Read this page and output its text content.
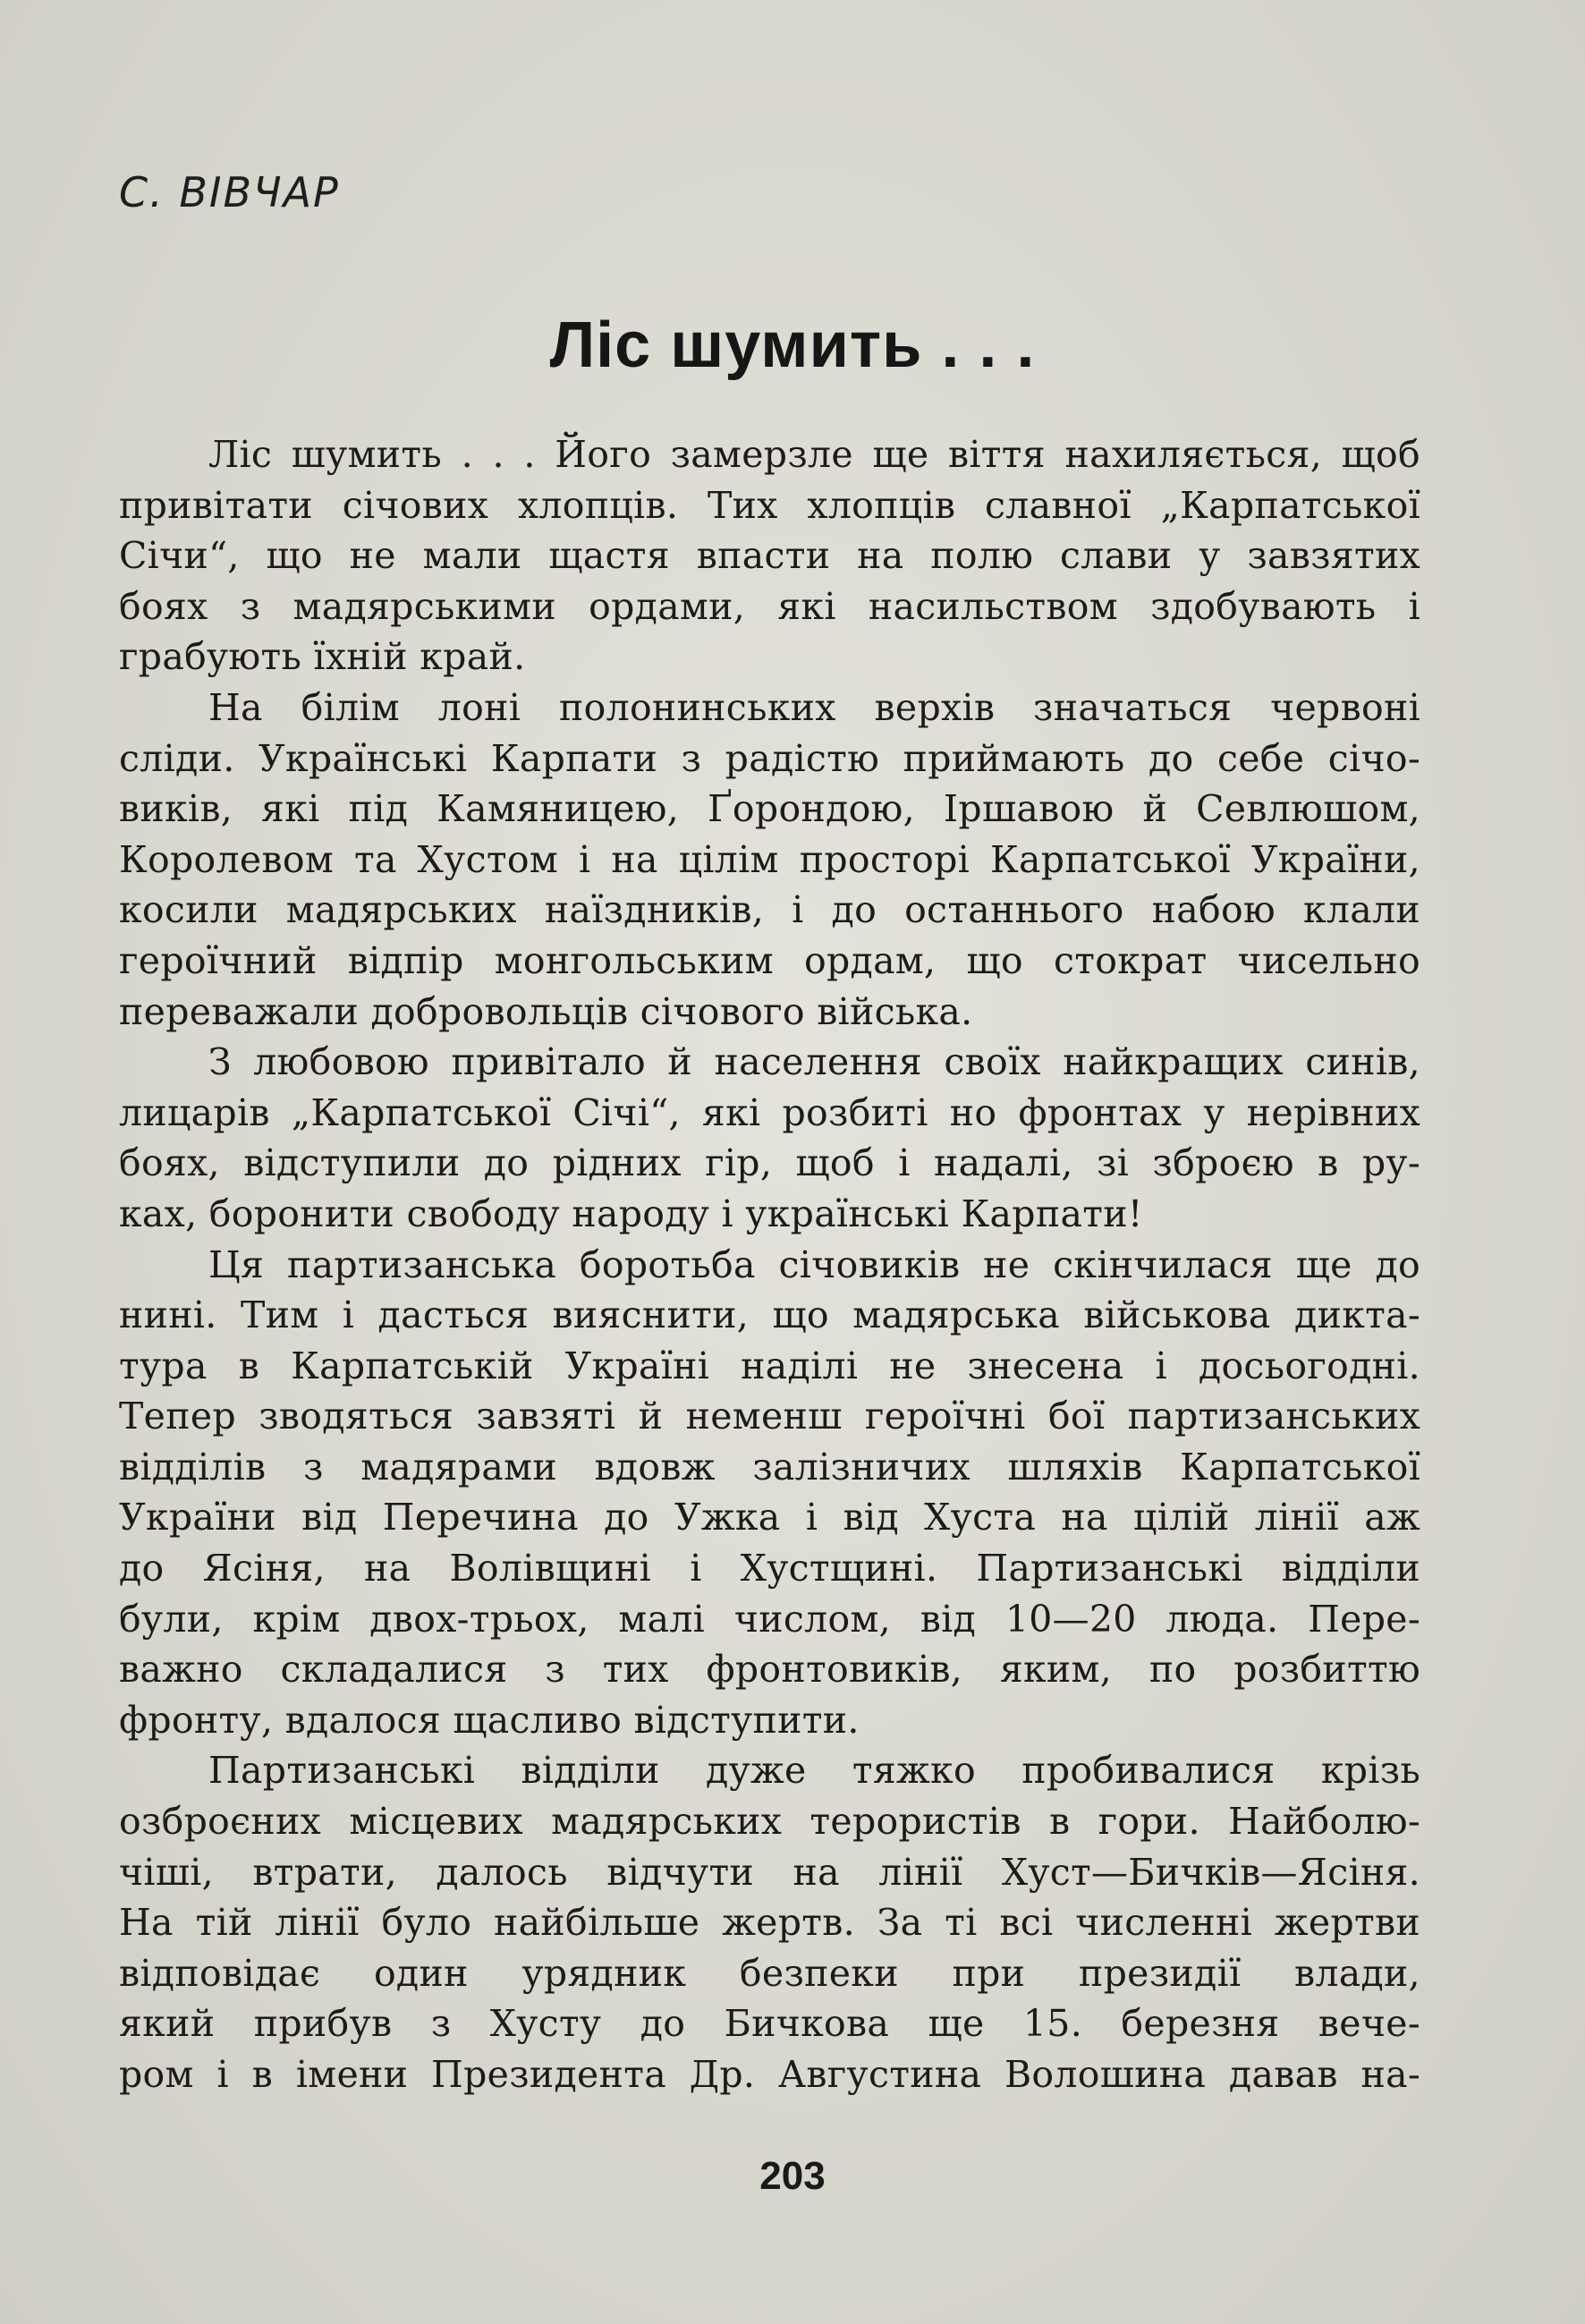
С. ВІВЧАР
Ліс шумить . . .
Ліс шумить . . . Його замерзле ще віття нахиляється, щоб
привітати січових хлопців. Тих хлопців славної „Карпатської
Січи“, що не мали щастя впасти на полю слави у завзятих
боях з мадярськими ордами, які насильством здобувають і
грабують їхній край.
На білім лоні полонинських верхів значаться червоні
сліди. Українські Карпати з радістю приймають до себе січо-
виків, які під Камяницею, Ґорондою, Іршавою й Севлюшом,
Королевом та Хустом і на цілім просторі Карпатської України,
косили мадярських наїздників, і до останнього набою клали
героїчний відпір монгольським ордам, що стократ чисельно
переважали добровольців січового війська.
З любовою привітало й населення своїх найкращих синів,
лицарів „Карпатської Січі“, які розбиті но фронтах у нерівних
боях, відступили до рідних гір, щоб і надалі, зі зброєю в ру-
ках, боронити свободу народу і українські Карпати!
Ця партизанська боротьба січовиків не скінчилася ще до
нині. Тим і дасться вияснити, що мадярська військова дикта-
тура в Карпатській Україні наділі не знесена і досьогодні.
Тепер зводяться завзяті й неменш героїчні бої партизанських
відділів з мадярами вдовж залізничих шляхів Карпатської
України від Перечина до Ужка і від Хуста на цілій лінії аж
до Ясіня, на Волівщині і Хустщині. Партизанські відділи
були, крім двох-трьох, малі числом, від 10—20 люда. Пере-
важно складалися з тих фронтовиків, яким, по розбиттю
фронту, вдалося щасливо відступити.
Партизанські відділи дуже тяжко пробивалися крізь
озброєних місцевих мадярських терористів в гори. Найболю-
чіші, втрати, далось відчути на лінії Хуст—Бичків—Ясіня.
На тій лінії було найбільше жертв. За ті всі численні жертви
відповідає один урядник безпеки при президії влади,
який прибув з Хусту до Бичкова ще 15. березня вече-
ром і в імени Президента Др. Августина Волошина давав на-
203
